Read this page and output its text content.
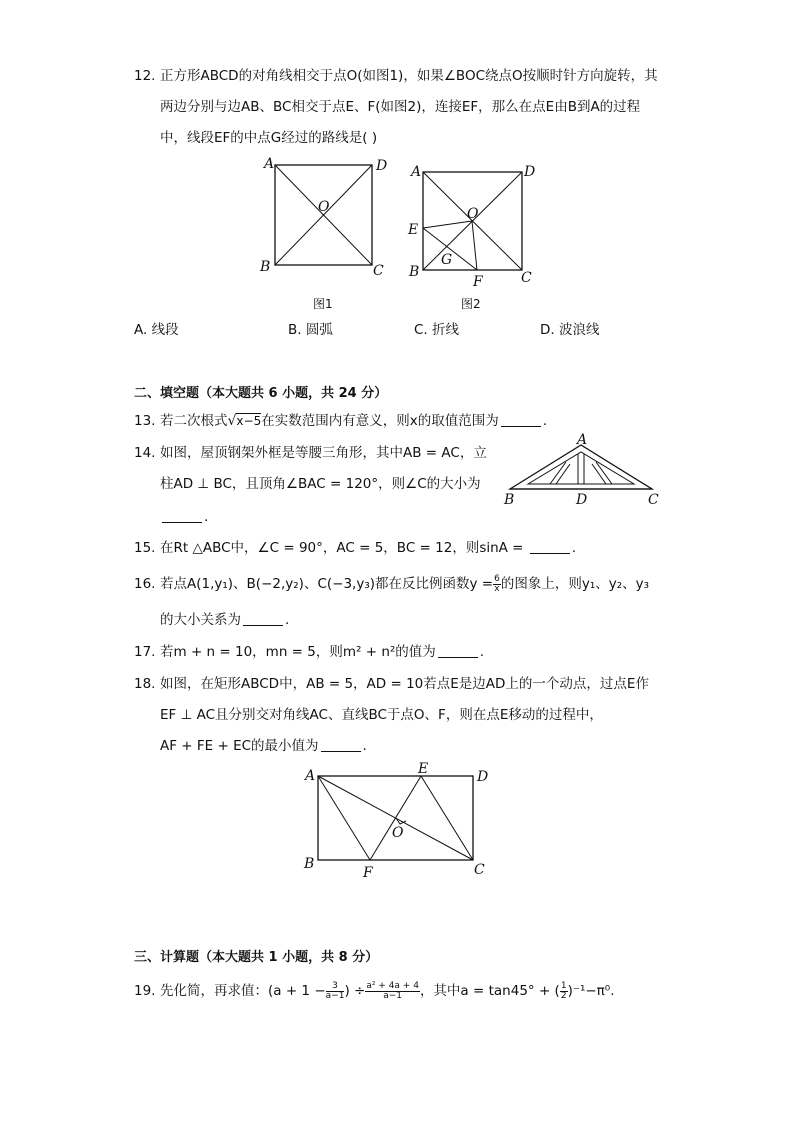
12. 正方形ABCD的对角线相交于点O(如图1)，如果∠BOC绕点O按顺时针方向旋转，其
两边分别与边AB、BC相交于点E、F(如图2)，连接EF，那么在点E由B到A的过程
中，线段EF的中点G经过的路线是( )
A	D
B	C
O
图1
A	D
B	C
O
E
F
G
图2
A. 线段	B. 圆弧	C. 折线	D. 波浪线
二、填空题（本大题共 6 小题，共 24 分）
13. 若二次根式√x−5在实数范围内有意义，则x的取值范围为	.
14. 如图，屋顶钢架外框是等腰三角形，其中AB = AC，立
柱AD ⊥ BC，且顶角∠BAC = 120°，则∠C的大小为
.
A
B	D	C
15. 在Rt △ABC中，∠C = 90°，AC = 5，BC = 12，则sinA =	.
16. 若点A(1,y₁)、B(−2,y₂)、C(−3,y₃)都在反比例函数$y = \frac{6}{x}$ 的图象上，则y₁、y₂、y₃
的大小关系为	.
17. 若m + n = 10，mn = 5，则m² + n²的值为	.
18. 如图，在矩形ABCD中，AB = 5，AD = 10若点E是边AD上的一个动点，过点E作
EF ⊥ AC且分别交对角线AC、直线BC于点O、F，则在点E移动的过程中，
AF + FE + EC的最小值为	.
A	E	D
B
F	C
O
三、计算题（本大题共 1 小题，共 8 分）
19. 先化简，再求值：($a + 1 - \frac{3}{a-1}$ ) ÷ $\frac{\text{a² + 4a + 4}}{a-1}$ ，其中a = tan45° + ( $\frac{1}{2} )^{-1}-\pi^0$.
